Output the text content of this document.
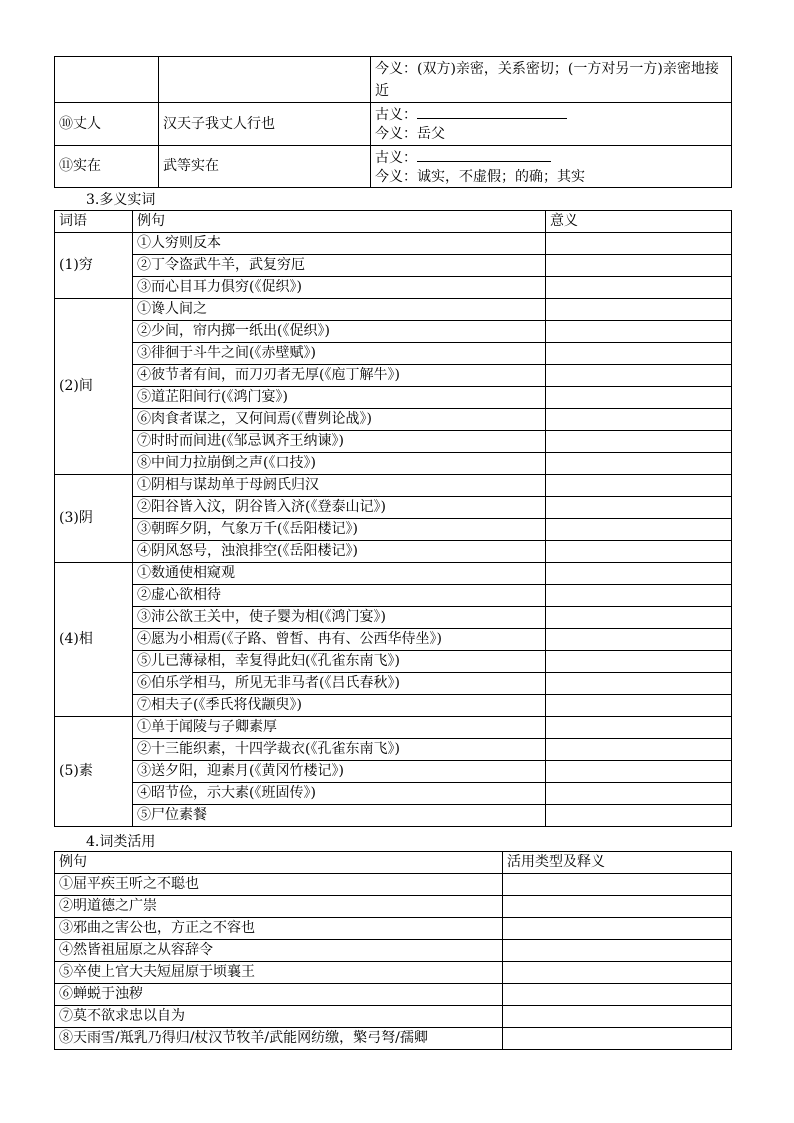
		今义：(双方)亲密，关系密切；(一方对另一方)亲密地接近
⑩丈人	汉天子我丈人行也	古义：
今义：岳父

⑪实在	武等实在	古义：
今义：诚实，不虚假；的确；其实
3.多义实词
词语	例句	意义
(1)穷	①人穷则反本	
	②丁令盗武牛羊，武复穷厄	
	③而心目耳力俱穷(《促织》)	
(2)间	①谗人间之	
	②少间，帘内掷一纸出(《促织》)	
	③徘徊于斗牛之间(《赤壁赋》)	
	④彼节者有间，而刀刃者无厚(《庖丁解牛》)	
	⑤道芷阳间行(《鸿门宴》)	
	⑥肉食者谋之，又何间焉(《曹刿论战》)	
	⑦时时而间进(《邹忌讽齐王纳谏》)	
	⑧中间力拉崩倒之声(《口技》)	
(3)阴	①阴相与谋劫单于母阏氏归汉	
	②阳谷皆入汶，阴谷皆入济(《登泰山记》)	
	③朝晖夕阴，气象万千(《岳阳楼记》)	
	④阴风怒号，浊浪排空(《岳阳楼记》)	
(4)相	①数通使相窥观	
	②虚心欲相待	
	③沛公欲王关中，使子婴为相(《鸿门宴》)	
	④愿为小相焉(《子路、曾皙、冉有、公西华侍坐》)	
	⑤儿已薄禄相，幸复得此妇(《孔雀东南飞》)	
	⑥伯乐学相马，所见无非马者(《吕氏春秋》)	
	⑦相夫子(《季氏将伐颛臾》)	
(5)素	①单于闻陵与子卿素厚	
	②十三能织素，十四学裁衣(《孔雀东南飞》)	
	③送夕阳，迎素月(《黄冈竹楼记》)	
	④昭节俭，示大素(《班固传》)	
	⑤尸位素餐	
4.词类活用
例句	活用类型及释义
①屈平疾王听之不聪也	
②明道德之广崇	
③邪曲之害公也，方正之不容也	
④然皆祖屈原之从容辞令	
⑤卒使上官大夫短屈原于顷襄王	
⑥蝉蜕于浊秽	
⑦莫不欲求忠以自为	
⑧天雨雪/羝乳乃得归/杖汉节牧羊/武能网纺缴，檠弓弩/孺卿	
